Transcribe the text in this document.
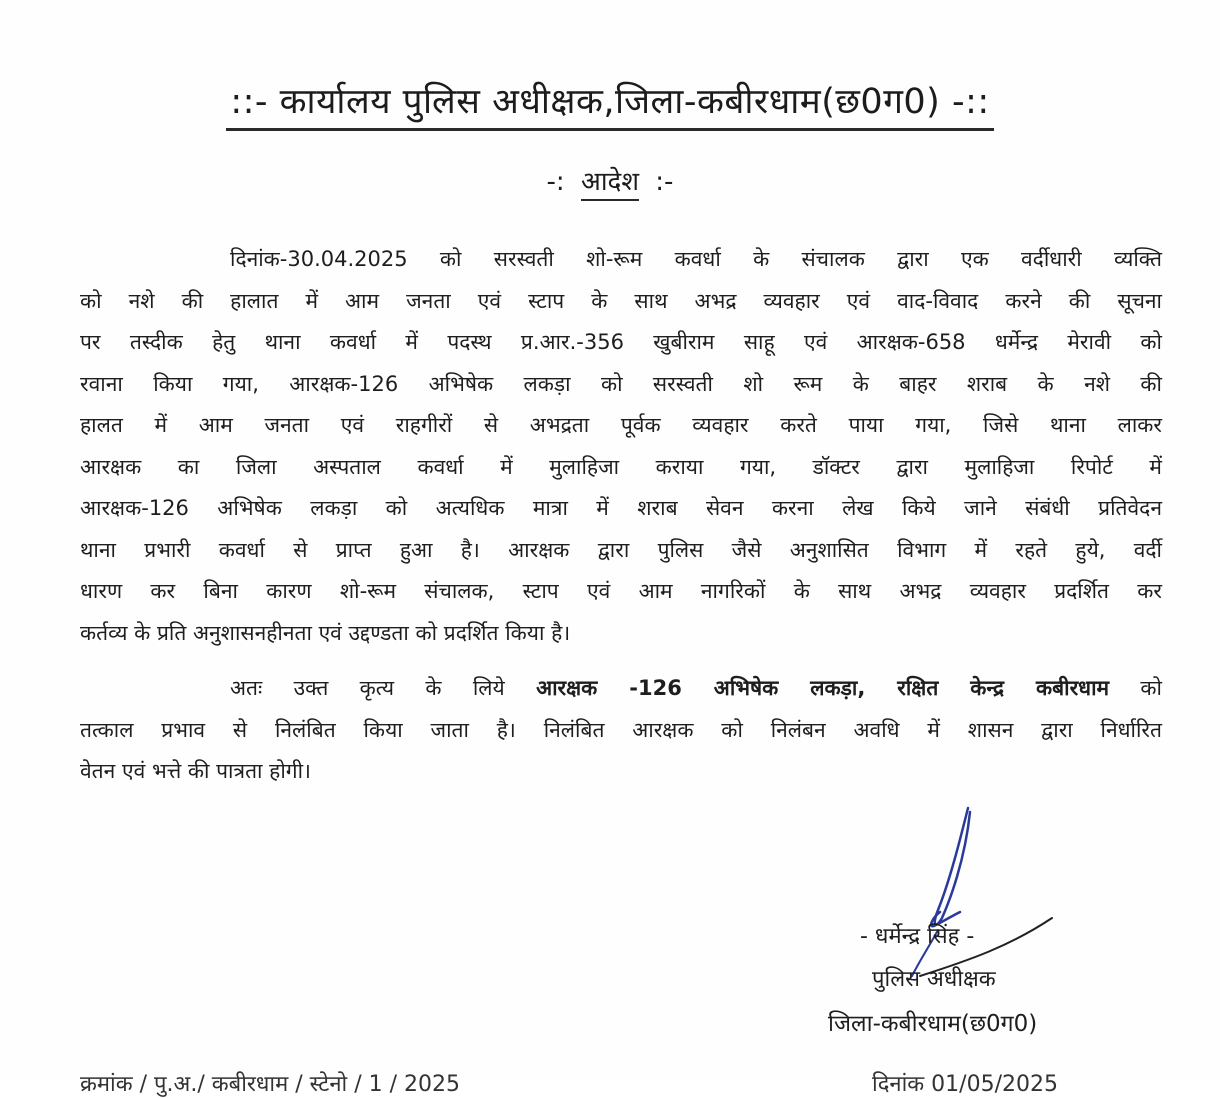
::- कार्यालय पुलिस अधीक्षक,जिला-कबीरधाम(छ0ग0) -::
-: आदेश :-
दिनांक-30.04.2025 को सरस्वती शो-रूम कवर्धा के संचालक द्वारा एक वर्दीधारी व्यक्ति
को नशे की हालात में आम जनता एवं स्टाप के साथ अभद्र व्यवहार एवं वाद-विवाद करने की सूचना
पर तस्दीक हेतु थाना कवर्धा में पदस्थ प्र.आर.-356 खुबीराम साहू एवं आरक्षक-658 धर्मेन्द्र मेरावी को
रवाना किया गया, आरक्षक-126 अभिषेक लकड़ा को सरस्वती शो रूम के बाहर शराब के नशे की
हालत में आम जनता एवं राहगीरों से अभद्रता पूर्वक व्यवहार करते पाया गया, जिसे थाना लाकर
आरक्षक का जिला अस्पताल कवर्धा में मुलाहिजा कराया गया, डॉक्टर द्वारा मुलाहिजा रिपोर्ट में
आरक्षक-126 अभिषेक लकड़ा को अत्यधिक मात्रा में शराब सेवन करना लेख किये जाने संबंधी प्रतिवेदन
थाना प्रभारी कवर्धा से प्राप्त हुआ है। आरक्षक द्वारा पुलिस जैसे अनुशासित विभाग में रहते हुये, वर्दी
धारण कर बिना कारण शो-रूम संचालक, स्टाप एवं आम नागरिकों के साथ अभद्र व्यवहार प्रदर्शित कर
कर्तव्य के प्रति अनुशासनहीनता एवं उद्दण्डता को प्रदर्शित किया है।
अतः उक्त कृत्य के लिये आरक्षक -126 अभिषेक लकड़ा, रक्षित केन्द्र कबीरधाम को
तत्काल प्रभाव से निलंबित किया जाता है। निलंबित आरक्षक को निलंबन अवधि में शासन द्वारा निर्धारित
वेतन एवं भत्ते की पात्रता होगी।
- धर्मेन्द्र सिंह -
पुलिस अधीक्षक
जिला-कबीरधाम(छ0ग0)
क्रमांक / पु.अ./ कबीरधाम / स्टेनो / 1 / 2025	दिनांक 01/05/2025
